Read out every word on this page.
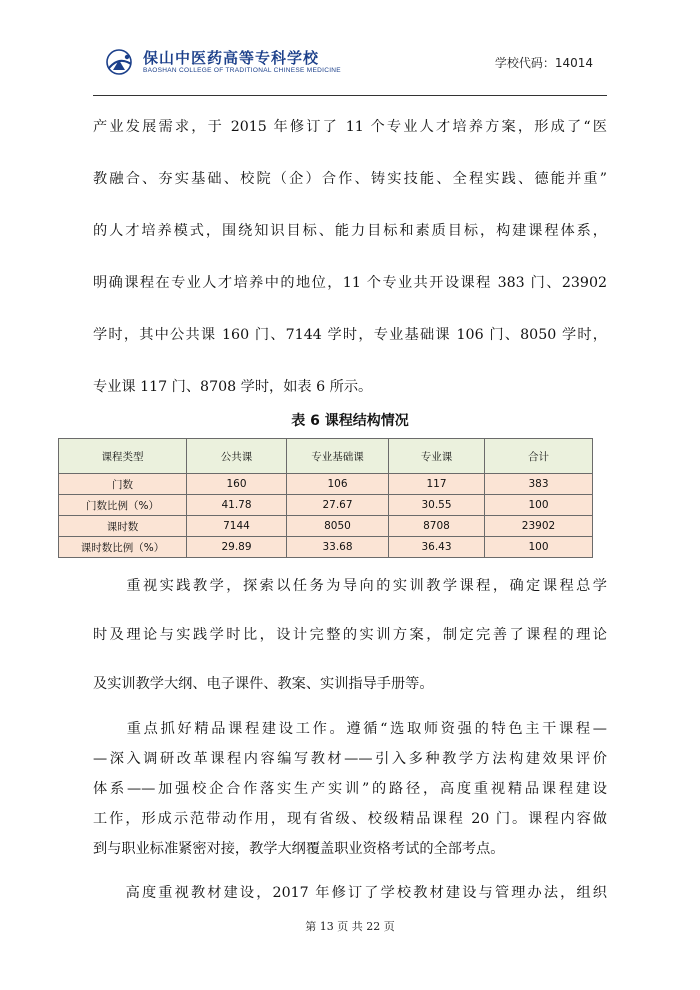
保山中医药高等专科学校
BAOSHAN COLLEGE OF TRADITIONAL CHINESE MEDICINE
学校代码：14014
产业发展需求，于 2015 年修订了 11 个专业人才培养方案，形成了“医
教融合、夯实基础、校院（企）合作、铸实技能、全程实践、德能并重”
的人才培养模式，围绕知识目标、能力目标和素质目标，构建课程体系，
明确课程在专业人才培养中的地位，11 个专业共开设课程 383 门、23902
学时，其中公共课 160 门、7144 学时，专业基础课 106 门、8050 学时，
专业课 117 门、8708 学时，如表 6 所示。
表 6 课程结构情况
课程类型	公共课	专业基础课	专业课	合计
门数	160	106	117	383
门数比例（%）	41.78	27.67	30.55	100
课时数	7144	8050	8708	23902
课时数比例（%）	29.89	33.68	36.43	100
　　重视实践教学，探索以任务为导向的实训教学课程，确定课程总学
时及理论与实践学时比，设计完整的实训方案，制定完善了课程的理论
及实训教学大纲、电子课件、教案、实训指导手册等。
　　重点抓好精品课程建设工作。遵循“选取师资强的特色主干课程—
—深入调研改革课程内容编写教材——引入多种教学方法构建效果评价
体系——加强校企合作落实生产实训”的路径，高度重视精品课程建设
工作，形成示范带动作用，现有省级、校级精品课程 20 门。课程内容做
到与职业标准紧密对接，教学大纲覆盖职业资格考试的全部考点。
　　高度重视教材建设，2017 年修订了学校教材建设与管理办法，组织
第 13 页 共 22 页
